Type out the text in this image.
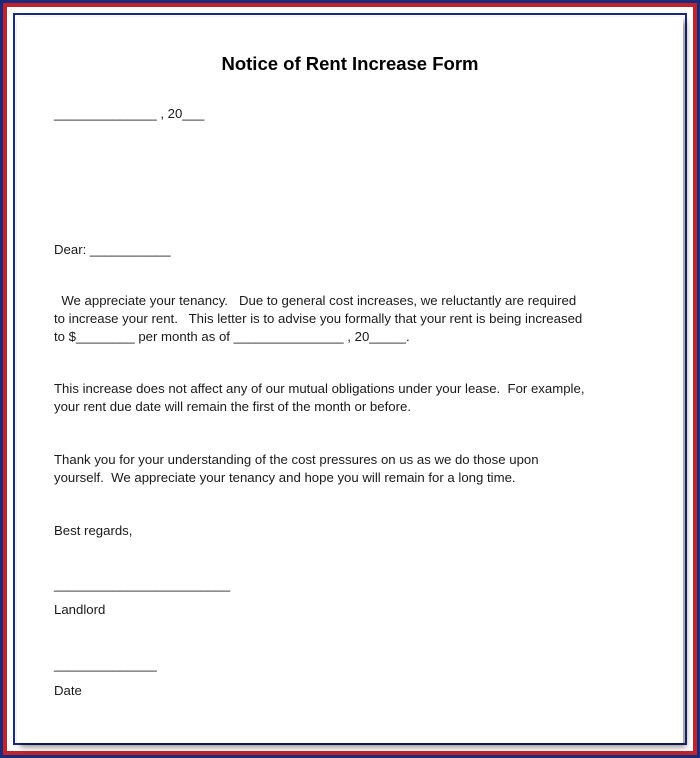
Notice of Rent Increase Form
______________ , 20___
Dear: ___________
We appreciate your tenancy.   Due to general cost increases, we reluctantly are required
to increase your rent.   This letter is to advise you formally that your rent is being increased
to $________ per month as of _______________ , 20_____.
This increase does not affect any of our mutual obligations under your lease.  For example,
your rent due date will remain the first of the month or before.
Thank you for your understanding of the cost pressures on us as we do those upon
yourself.  We appreciate your tenancy and hope you will remain for a long time.
Best regards,
________________________
Landlord
______________
Date
